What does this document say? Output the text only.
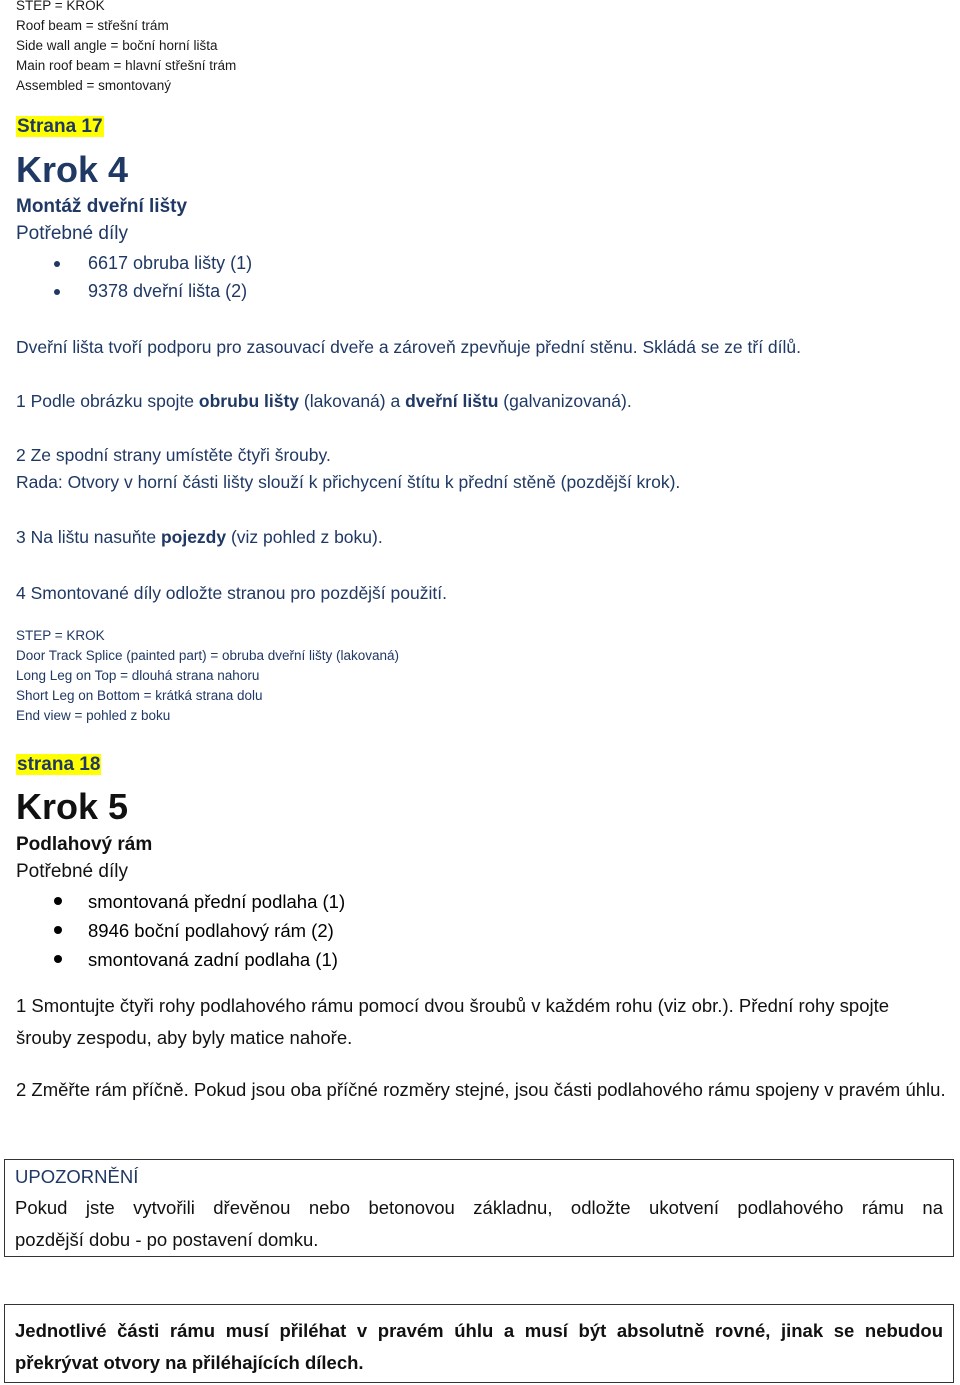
STEP = KROK
Roof beam = střešní trám
Side wall angle = boční horní lišta
Main roof beam = hlavní střešní trám
Assembled = smontovaný
Strana 17
Krok 4
Montáž dveřní lišty
Potřebné díly
6617 obruba lišty (1)
9378 dveřní lišta (2)
Dveřní lišta tvoří podporu pro zasouvací dveře a zároveň zpevňuje přední stěnu. Skládá se ze tří dílů.
1 Podle obrázku spojte obrubu lišty (lakovaná) a dveřní lištu (galvanizovaná).
2 Ze spodní strany umístěte čtyři šrouby.
Rada: Otvory v horní části lišty slouží k přichycení štítu k přední stěně (pozdější krok).
3 Na lištu nasuňte pojezdy (viz pohled z boku).
4 Smontované díly odložte stranou pro pozdější použití.
STEP = KROK
Door Track Splice (painted part) = obruba dveřní lišty (lakovaná)
Long Leg on Top = dlouhá strana nahoru
Short Leg on Bottom = krátká strana dolu
End view = pohled z boku
strana 18
Krok 5
Podlahový rám
Potřebné díly
smontovaná přední podlaha (1)
8946 boční podlahový rám (2)
smontovaná zadní podlaha (1)
1 Smontujte čtyři rohy podlahového rámu pomocí dvou šroubů v každém rohu (viz obr.). Přední rohy spojte šrouby zespodu, aby byly matice nahoře.
2 Změřte rám příčně. Pokud jsou oba příčné rozměry stejné, jsou části podlahového rámu spojeny v pravém úhlu.
UPOZORNĚNÍ
Pokud jste vytvořili dřevěnou nebo betonovou základnu, odložte ukotvení podlahového rámu na
pozdější dobu - po postavení domku.
Jednotlivé části rámu musí přiléhat v pravém úhlu a musí být absolutně rovné, jinak se nebudou
překrývat otvory na přiléhajících dílech.
